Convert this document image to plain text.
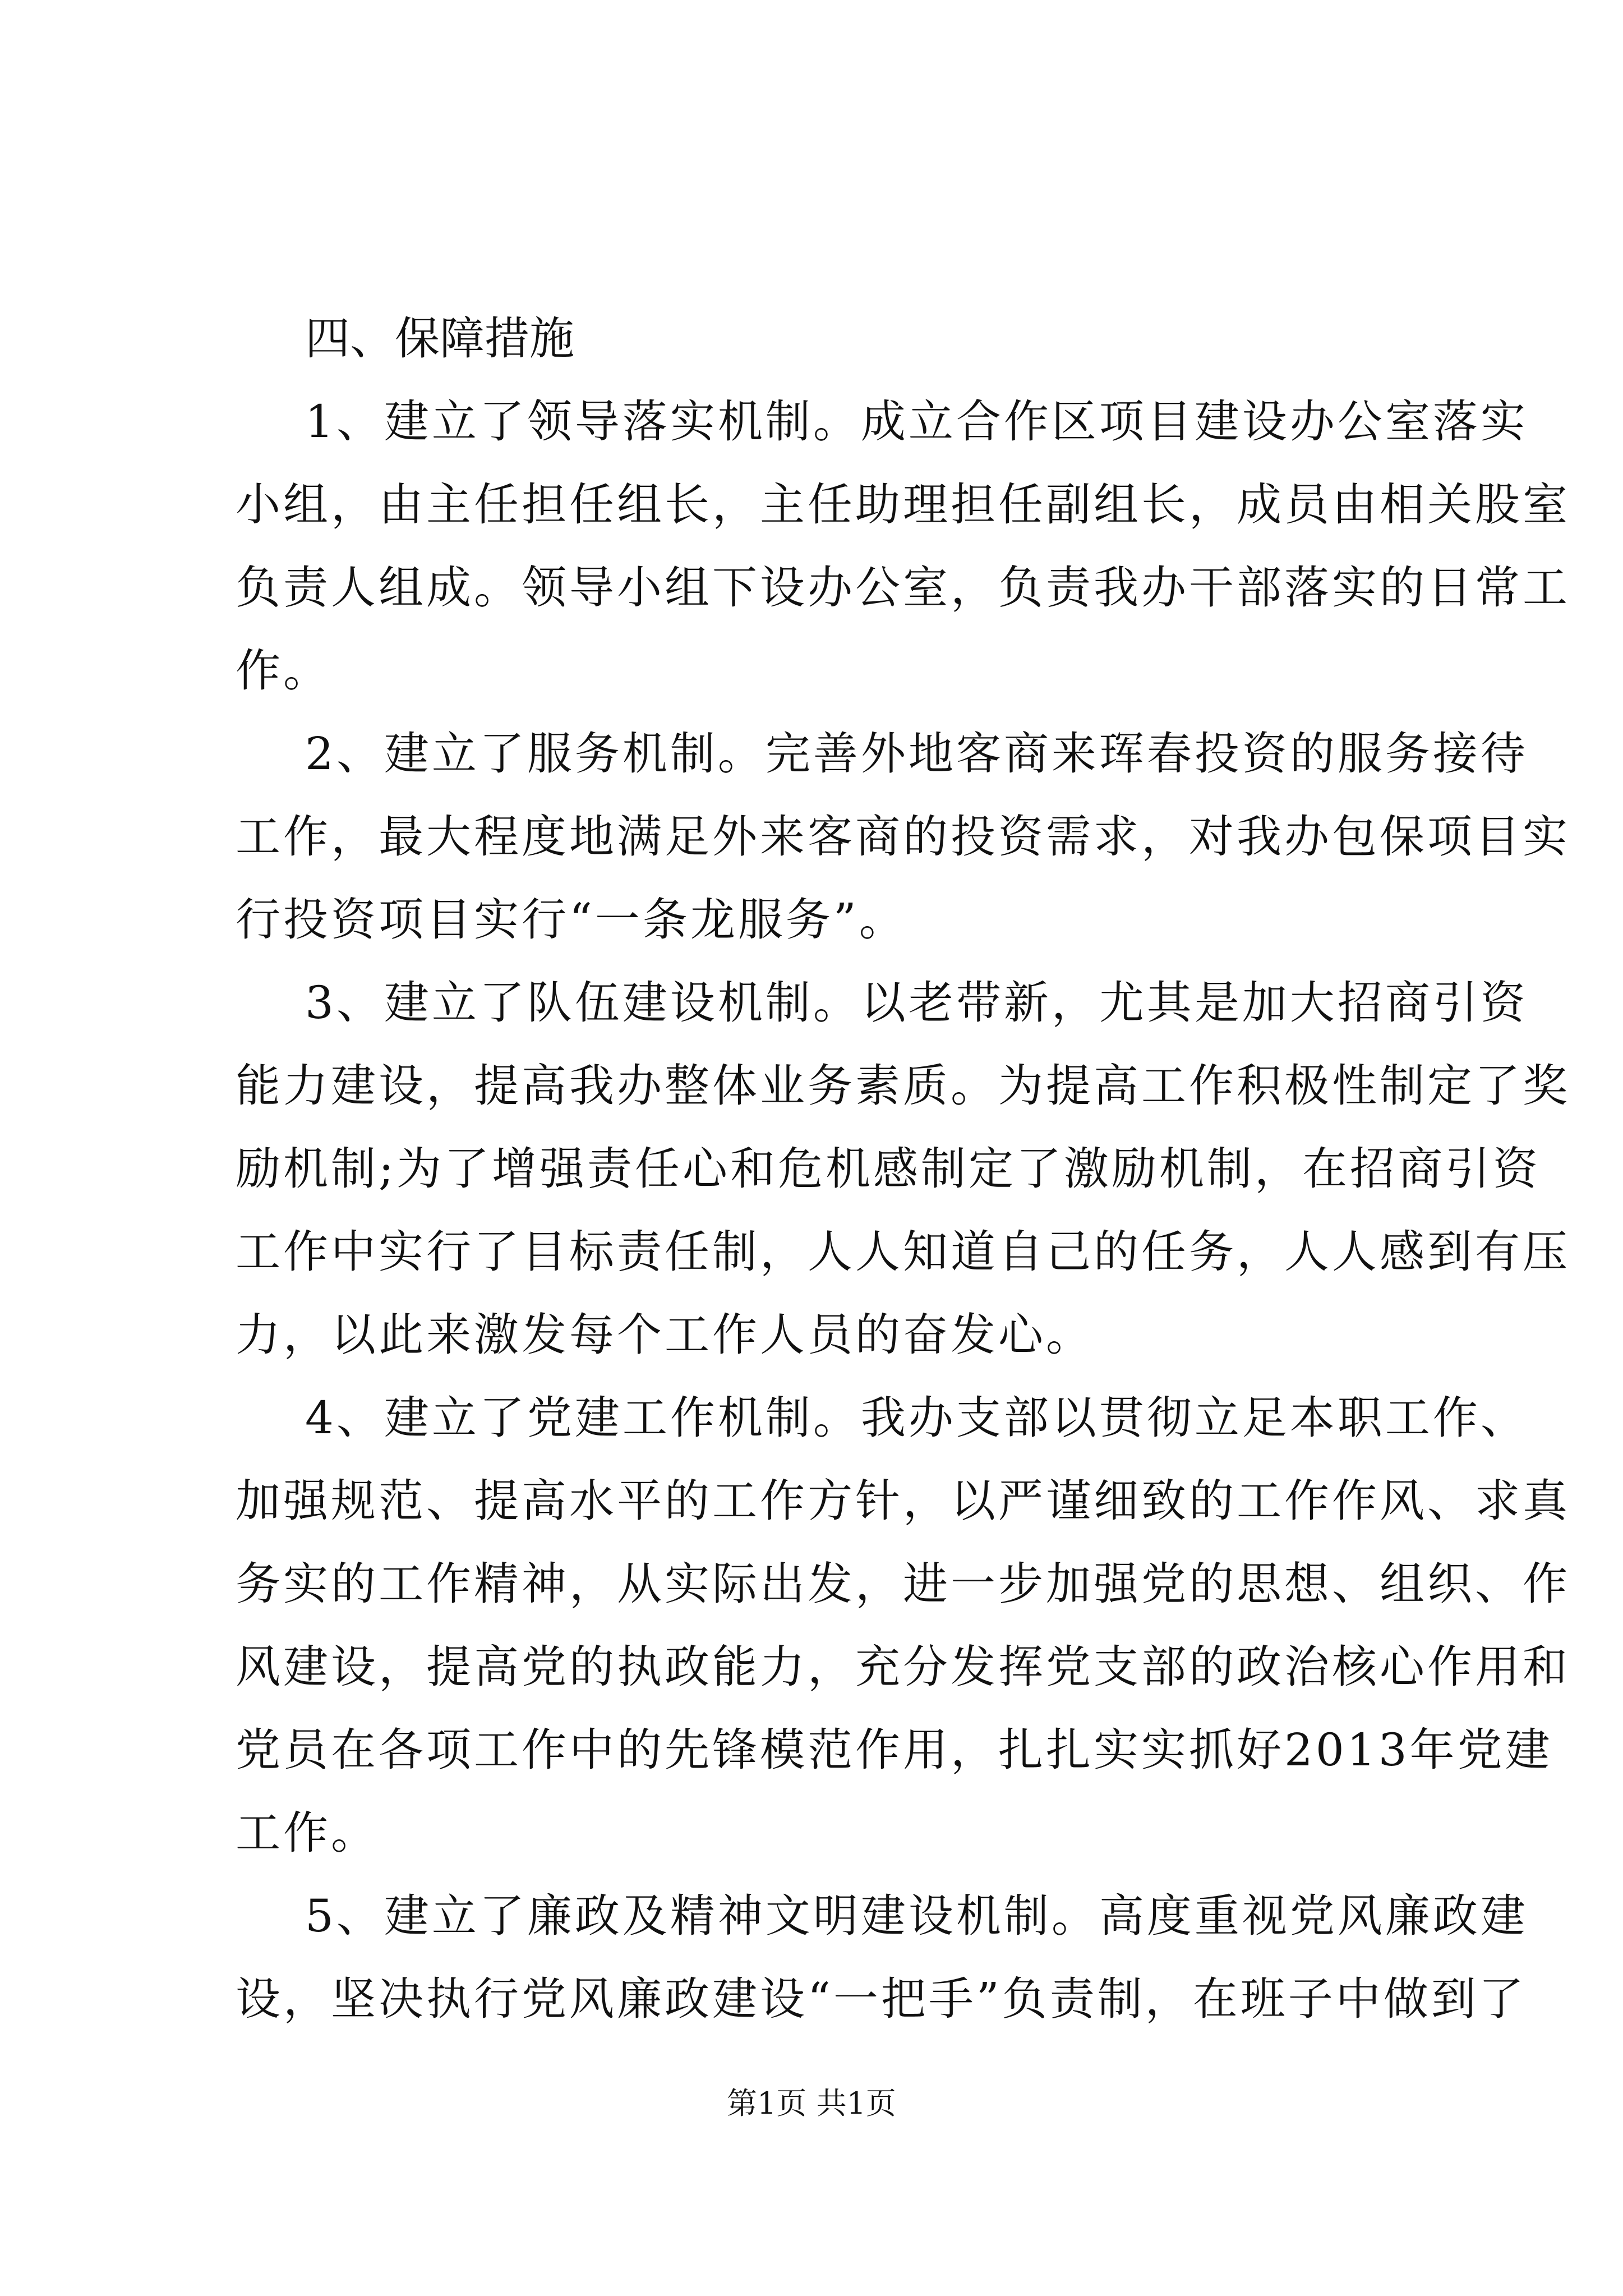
四、保障措施

1、建立了领导落实机制。成立合作区项目建设办公室落实

小组，由主任担任组长，主任助理担任副组长，成员由相关股室

负责人组成。领导小组下设办公室，负责我办干部落实的日常工

作。

2、建立了服务机制。完善外地客商来珲春投资的服务接待

工作，最大程度地满足外来客商的投资需求，对我办包保项目实

行投资项目实行“一条龙服务”。

3、建立了队伍建设机制。以老带新，尤其是加大招商引资

能力建设，提高我办整体业务素质。为提高工作积极性制定了奖

励机制;为了增强责任心和危机感制定了激励机制，在招商引资

工作中实行了目标责任制，人人知道自己的任务，人人感到有压

力，以此来激发每个工作人员的奋发心。

4、建立了党建工作机制。我办支部以贯彻立足本职工作、

加强规范、提高水平的工作方针，以严谨细致的工作作风、求真

务实的工作精神，从实际出发，进一步加强党的思想、组织、作

风建设，提高党的执政能力，充分发挥党支部的政治核心作用和

党员在各项工作中的先锋模范作用，扎扎实实抓好2013年党建

工作。

5、建立了廉政及精神文明建设机制。高度重视党风廉政建

设，坚决执行党风廉政建设“一把手”负责制，在班子中做到了

第1页 共1页
